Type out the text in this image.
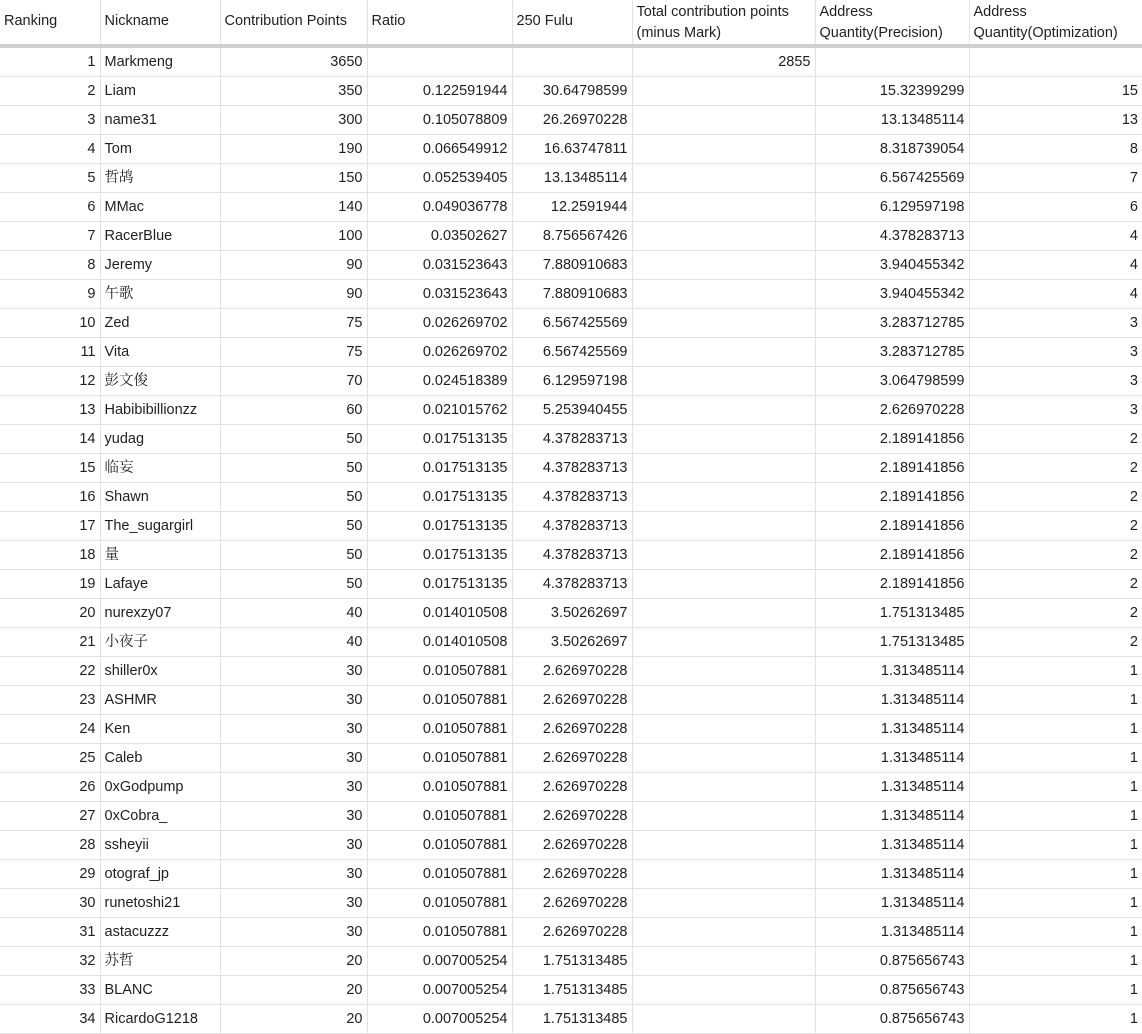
Ranking	Nickname	Contribution Points	Ratio	250 Fulu	Total contribution points (minus Mark)	Address Quantity(Precision)	Address Quantity(Optimization)
1	Markmeng	3650			2855		
2	Liam	350	0.122591944	30.64798599		15.32399299	15
3	name31	300	0.105078809	26.26970228		13.13485114	13
4	Tom	190	0.066549912	16.63747811		8.318739054	8
5	哲鸪	150	0.052539405	13.13485114		6.567425569	7
6	MMac	140	0.049036778	12.2591944		6.129597198	6
7	RacerBlue	100	0.03502627	8.756567426		4.378283713	4
8	Jeremy	90	0.031523643	7.880910683		3.940455342	4
9	午歌	90	0.031523643	7.880910683		3.940455342	4
10	Zed	75	0.026269702	6.567425569		3.283712785	3
11	Vita	75	0.026269702	6.567425569		3.283712785	3
12	彭文俊	70	0.024518389	6.129597198		3.064798599	3
13	Habibibillionzz	60	0.021015762	5.253940455		2.626970228	3
14	yudag	50	0.017513135	4.378283713		2.189141856	2
15	临妄	50	0.017513135	4.378283713		2.189141856	2
16	Shawn	50	0.017513135	4.378283713		2.189141856	2
17	The_sugargirl	50	0.017513135	4.378283713		2.189141856	2
18	量	50	0.017513135	4.378283713		2.189141856	2
19	Lafaye	50	0.017513135	4.378283713		2.189141856	2
20	nurexzy07	40	0.014010508	3.50262697		1.751313485	2
21	小夜子	40	0.014010508	3.50262697		1.751313485	2
22	shiller0x	30	0.010507881	2.626970228		1.313485114	1
23	ASHMR	30	0.010507881	2.626970228		1.313485114	1
24	Ken	30	0.010507881	2.626970228		1.313485114	1
25	Caleb	30	0.010507881	2.626970228		1.313485114	1
26	0xGodpump	30	0.010507881	2.626970228		1.313485114	1
27	0xCobra_	30	0.010507881	2.626970228		1.313485114	1
28	ssheyii	30	0.010507881	2.626970228		1.313485114	1
29	otograf_jp	30	0.010507881	2.626970228		1.313485114	1
30	runetoshi21	30	0.010507881	2.626970228		1.313485114	1
31	astacuzzz	30	0.010507881	2.626970228		1.313485114	1
32	苏哲	20	0.007005254	1.751313485		0.875656743	1
33	BLANC	20	0.007005254	1.751313485		0.875656743	1
34	RicardoG1218	20	0.007005254	1.751313485		0.875656743	1
